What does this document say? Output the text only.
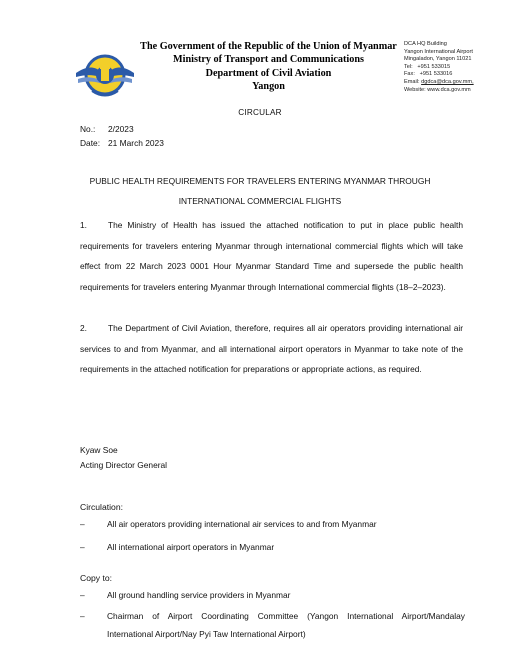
The Government of the Republic of the Union of Myanmar
Ministry of Transport and Communications
Department of Civil Aviation
Yangon
DCA HQ Building
Yangon International Airport
Mingaladon, Yangon 11021
Tel: +951 533015
Fax: +951 533016
Email: dgdca@dca.gov.mm,
Website: www.dca.gov.mm
CIRCULAR
No.: 2/2023
Date: 21 March 2023
PUBLIC HEALTH REQUIREMENTS FOR TRAVELERS ENTERING MYANMAR THROUGH
INTERNATIONAL COMMERCIAL FLIGHTS
1.	The Ministry of Health has issued the attached notification to put in place public health requirements for travelers entering Myanmar through international commercial flights which will take effect from 22 March 2023 0001 Hour Myanmar Standard Time and supersede the public health requirements for travelers entering Myanmar through International commercial flights (18–2–2023).
2.	The Department of Civil Aviation, therefore, requires all air operators providing international air services to and from Myanmar, and all international airport operators in Myanmar to take note of the requirements in the attached notification for preparations or appropriate actions, as required.
Kyaw Soe
Acting Director General
Circulation:
–	All air operators providing international air services to and from Myanmar
–	All international airport operators in Myanmar
Copy to:
–	All ground handling service providers in Myanmar
–	Chairman of Airport Coordinating Committee (Yangon International Airport/Mandalay International Airport/Nay Pyi Taw International Airport)
